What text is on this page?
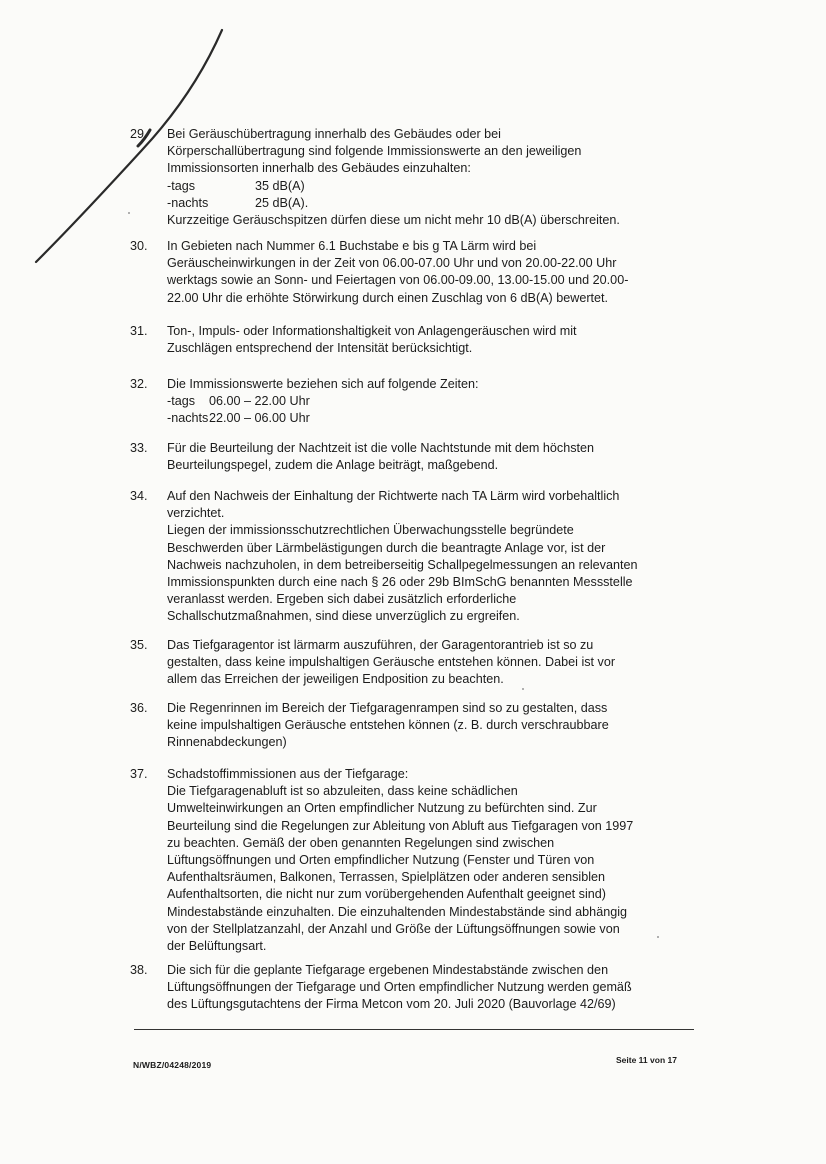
29.	Bei Geräuschübertragung innerhalb des Gebäudes oder bei
Körperschallübertragung sind folgende Immissionswerte an den jeweiligen
Immissionsorten innerhalb des Gebäudes einzuhalten:
-tags	35 dB(A)
-nachts	25 dB(A).
Kurzzeitige Geräuschspitzen dürfen diese um nicht mehr 10 dB(A) überschreiten.
30.	In Gebieten nach Nummer 6.1 Buchstabe e bis g TA Lärm wird bei
Geräuscheinwirkungen in der Zeit von 06.00-07.00 Uhr und von 20.00-22.00 Uhr
werktags sowie an Sonn- und Feiertagen von 06.00-09.00, 13.00-15.00 und 20.00-
22.00 Uhr die erhöhte Störwirkung durch einen Zuschlag von 6 dB(A) bewertet.
31.	Ton-, Impuls- oder Informationshaltigkeit von Anlagengeräuschen wird mit
Zuschlägen entsprechend der Intensität berücksichtigt.
32.	Die Immissionswerte beziehen sich auf folgende Zeiten:
-tags	06.00 – 22.00 Uhr
-nachts 22.00 – 06.00 Uhr
33.	Für die Beurteilung der Nachtzeit ist die volle Nachtstunde mit dem höchsten
Beurteilungspegel, zudem die Anlage beiträgt, maßgebend.
34.	Auf den Nachweis der Einhaltung der Richtwerte nach TA Lärm wird vorbehaltlich
verzichtet.
Liegen der immissionsschutzrechtlichen Überwachungsstelle begründete
Beschwerden über Lärmbelästigungen durch die beantragte Anlage vor, ist der
Nachweis nachzuholen, in dem betreiberseitig Schallpegelmessungen an relevanten
Immissionspunkten durch eine nach § 26 oder 29b BImSchG benannten Messstelle
veranlasst werden. Ergeben sich dabei zusätzlich erforderliche
Schallschutzmaßnahmen, sind diese unverzüglich zu ergreifen.
35.	Das Tiefgaragentor ist lärmarm auszuführen, der Garagentorantrieb ist so zu
gestalten, dass keine impulshaltigen Geräusche entstehen können. Dabei ist vor
allem das Erreichen der jeweiligen Endposition zu beachten.
36.	Die Regenrinnen im Bereich der Tiefgaragenrampen sind so zu gestalten, dass
keine impulshaltigen Geräusche entstehen können (z. B. durch verschraubbare
Rinnenabdeckungen)
37.	Schadstoffimmissionen aus der Tiefgarage:
Die Tiefgaragenabluft ist so abzuleiten, dass keine schädlichen
Umwelteinwirkungen an Orten empfindlicher Nutzung zu befürchten sind. Zur
Beurteilung sind die Regelungen zur Ableitung von Abluft aus Tiefgaragen von 1997
zu beachten. Gemäß der oben genannten Regelungen sind zwischen
Lüftungsöffnungen und Orten empfindlicher Nutzung (Fenster und Türen von
Aufenthaltsräumen, Balkonen, Terrassen, Spielplätzen oder anderen sensiblen
Aufenthaltsorten, die nicht nur zum vorübergehenden Aufenthalt geeignet sind)
Mindestabstände einzuhalten. Die einzuhaltenden Mindestabstände sind abhängig
von der Stellplatzanzahl, der Anzahl und Größe der Lüftungsöffnungen sowie von
der Belüftungsart.
38.	Die sich für die geplante Tiefgarage ergebenen Mindestabstände zwischen den
Lüftungsöffnungen der Tiefgarage und Orten empfindlicher Nutzung werden gemäß
des Lüftungsgutachtens der Firma Metcon vom 20. Juli 2020 (Bauvorlage 42/69)
N/WBZ/04248/2019	Seite 11 von 17
